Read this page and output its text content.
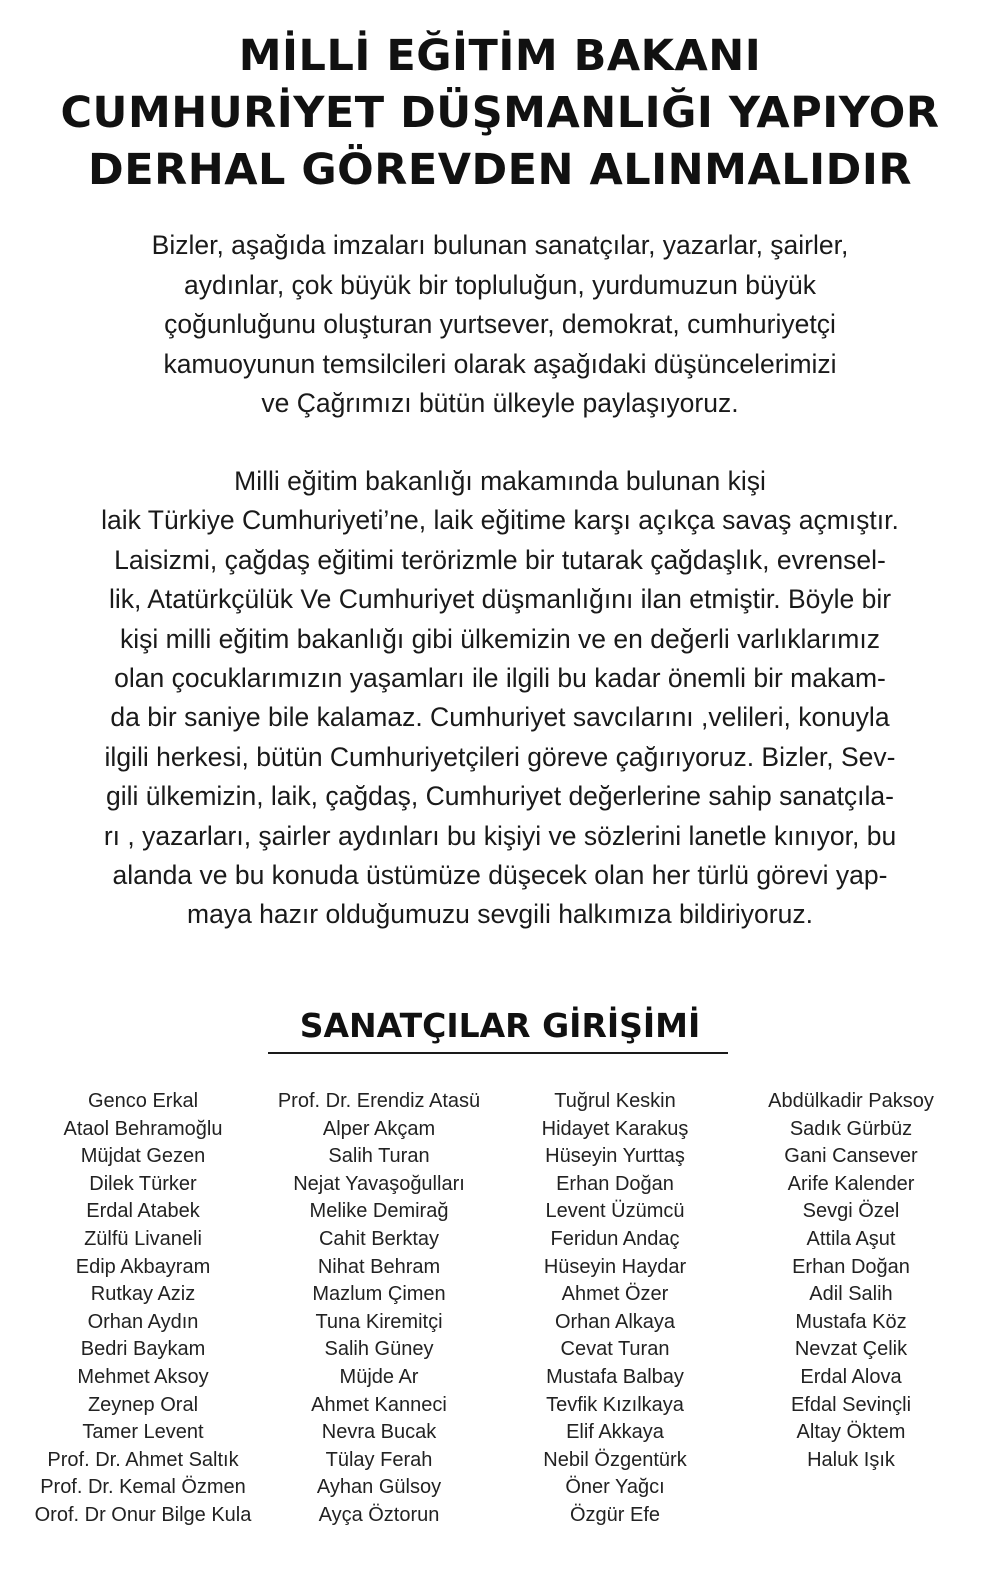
MİLLİ EĞİTİM BAKANI
CUMHURİYET DÜŞMANLIĞI YAPIYOR
DERHAL GÖREVDEN ALINMALIDIR
Bizler, aşağıda imzaları bulunan sanatçılar, yazarlar, şairler,
aydınlar, çok büyük bir topluluğun, yurdumuzun büyük
çoğunluğunu oluşturan yurtsever, demokrat, cumhuriyetçi
kamuoyunun temsilcileri olarak aşağıdaki düşüncelerimizi
ve Çağrımızı bütün ülkeyle paylaşıyoruz.
Milli eğitim bakanlığı makamında bulunan kişi
laik Türkiye Cumhuriyeti’ne, laik eğitime karşı açıkça savaş açmıştır.
Laisizmi, çağdaş eğitimi terörizmle bir tutarak çağdaşlık, evrensel-
lik, Atatürkçülük Ve Cumhuriyet düşmanlığını ilan etmiştir. Böyle bir
kişi milli eğitim bakanlığı gibi ülkemizin ve en değerli varlıklarımız
olan çocuklarımızın yaşamları ile ilgili bu kadar önemli bir makam-
da bir saniye bile kalamaz. Cumhuriyet savcılarını ,velileri, konuyla
ilgili herkesi, bütün Cumhuriyetçileri göreve çağırıyoruz. Bizler, Sev-
gili ülkemizin, laik, çağdaş, Cumhuriyet değerlerine sahip sanatçıla-
rı , yazarları, şairler aydınları bu kişiyi ve sözlerini lanetle kınıyor, bu
alanda ve bu konuda üstümüze düşecek olan her türlü görevi yap-
maya hazır olduğumuzu sevgili halkımıza bildiriyoruz.
SANATÇILAR GİRİŞİMİ
Genco Erkal
Ataol Behramoğlu
Müjdat Gezen
Dilek Türker
Erdal Atabek
Zülfü Livaneli
Edip Akbayram
Rutkay Aziz
Orhan Aydın
Bedri Baykam
Mehmet Aksoy
Zeynep Oral
Tamer Levent
Prof. Dr. Ahmet Saltık
Prof. Dr. Kemal Özmen
Orof. Dr Onur Bilge Kula
Prof. Dr. Erendiz Atasü
Alper Akçam
Salih Turan
Nejat Yavaşoğulları
Melike Demirağ
Cahit Berktay
Nihat Behram
Mazlum Çimen
Tuna Kiremitçi
Salih Güney
Müjde Ar
Ahmet Kanneci
Nevra Bucak
Tülay Ferah
Ayhan Gülsoy
Ayça Öztorun
Tuğrul Keskin
Hidayet Karakuş
Hüseyin Yurttaş
Erhan Doğan
Levent Üzümcü
Feridun Andaç
Hüseyin Haydar
Ahmet Özer
Orhan Alkaya
Cevat Turan
Mustafa Balbay
Tevfik Kızılkaya
Elif Akkaya
Nebil Özgentürk
Öner Yağcı
Özgür Efe
Abdülkadir Paksoy
Sadık Gürbüz
Gani Cansever
Arife Kalender
Sevgi Özel
Attila Aşut
Erhan Doğan
Adil Salih
Mustafa Köz
Nevzat Çelik
Erdal Alova
Efdal Sevinçli
Altay Öktem
Haluk Işık
